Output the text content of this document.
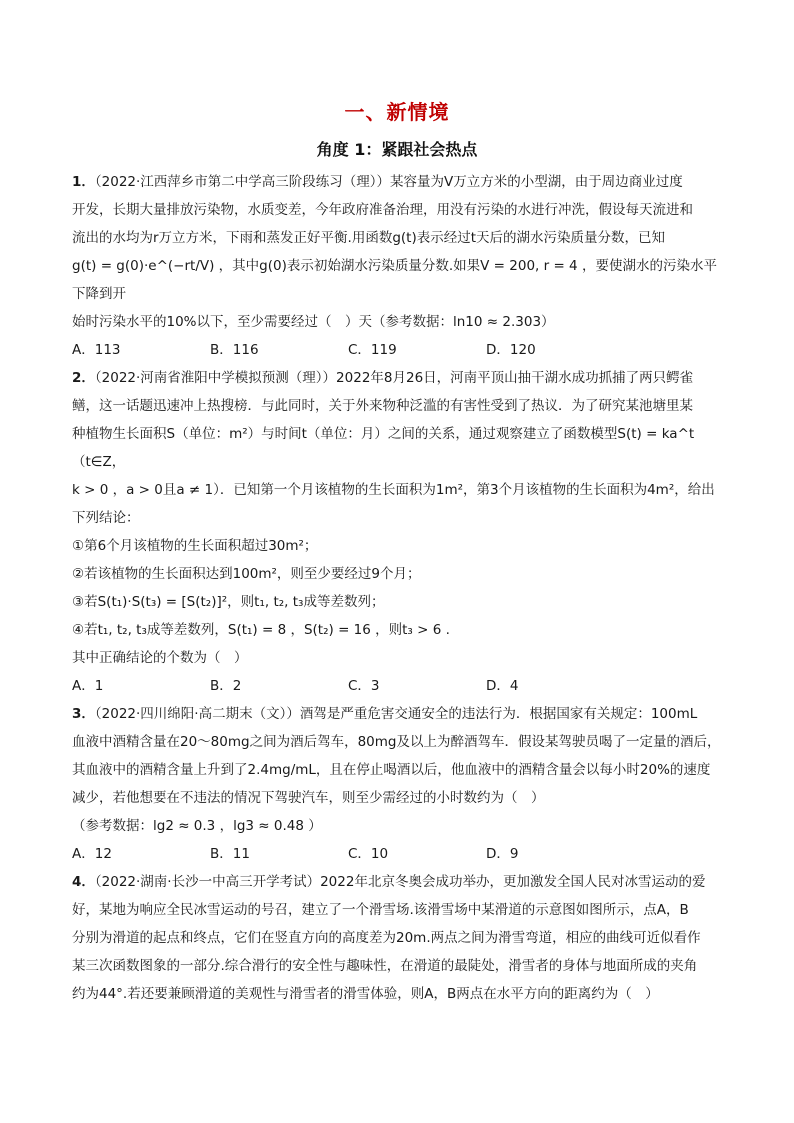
一、新情境
角度 1：紧跟社会热点

1．（2022·江西萍乡市第二中学高三阶段练习（理））某容量为V万立方米的小型湖，由于周边商业过度

开发，长期大量排放污染物，水质变差，今年政府准备治理，用没有污染的水进行冲洗，假设每天流进和

流出的水均为r万立方米，下雨和蒸发正好平衡.用函数g(t)表示经过t天后的湖水污染质量分数，已知

g(t) = g(0)·e^(−rt/V) ，其中g(0)表示初始湖水污染质量分数.如果V = 200, r = 4 ，要使湖水的污染水平下降到开

始时污染水平的10%以下，至少需要经过（　）天（参考数据：ln10 ≈ 2.303）

A．113	B．116	C．119	D．120

2．（2022·河南省淮阳中学模拟预测（理））2022年8月26日，河南平顶山抽干湖水成功抓捕了两只鳄雀

鳝，这一话题迅速冲上热搜榜．与此同时，关于外来物种泛滥的有害性受到了热议．为了研究某池塘里某

种植物生长面积S（单位：m²）与时间t（单位：月）之间的关系，通过观察建立了函数模型S(t) = ka^t （t∈Z，

k > 0 ，a > 0且a ≠ 1）．已知第一个月该植物的生长面积为1m²，第3个月该植物的生长面积为4m²，给出

下列结论：

①第6个月该植物的生长面积超过30m²；

②若该植物的生长面积达到100m²，则至少要经过9个月；

③若S(t₁)·S(t₃) = [S(t₂)]²，则t₁, t₂, t₃成等差数列；

④若t₁, t₂, t₃成等差数列，S(t₁) = 8 ，S(t₂) = 16 ，则t₃ > 6 .

其中正确结论的个数为（　）

A．1	B．2	C．3	D．4

3．（2022·四川绵阳·高二期末（文））酒驾是严重危害交通安全的违法行为．根据国家有关规定：100mL

血液中酒精含量在20～80mg之间为酒后驾车，80mg及以上为醉酒驾车．假设某驾驶员喝了一定量的酒后，

其血液中的酒精含量上升到了2.4mg/mL，且在停止喝酒以后，他血液中的酒精含量会以每小时20%的速度

减少，若他想要在不违法的情况下驾驶汽车，则至少需经过的小时数约为（　）

（参考数据：lg2 ≈ 0.3 ，lg3 ≈ 0.48 ）

A．12	B．11	C．10	D．9

4．（2022·湖南·长沙一中高三开学考试）2022年北京冬奥会成功举办，更加激发全国人民对冰雪运动的爱

好，某地为响应全民冰雪运动的号召，建立了一个滑雪场.该滑雪场中某滑道的示意图如图所示，点A，B

分别为滑道的起点和终点，它们在竖直方向的高度差为20m.两点之间为滑雪弯道，相应的曲线可近似看作

某三次函数图象的一部分.综合滑行的安全性与趣味性，在滑道的最陡处，滑雪者的身体与地面所成的夹角

约为44°.若还要兼顾滑道的美观性与滑雪者的滑雪体验，则A，B两点在水平方向的距离约为（　）
